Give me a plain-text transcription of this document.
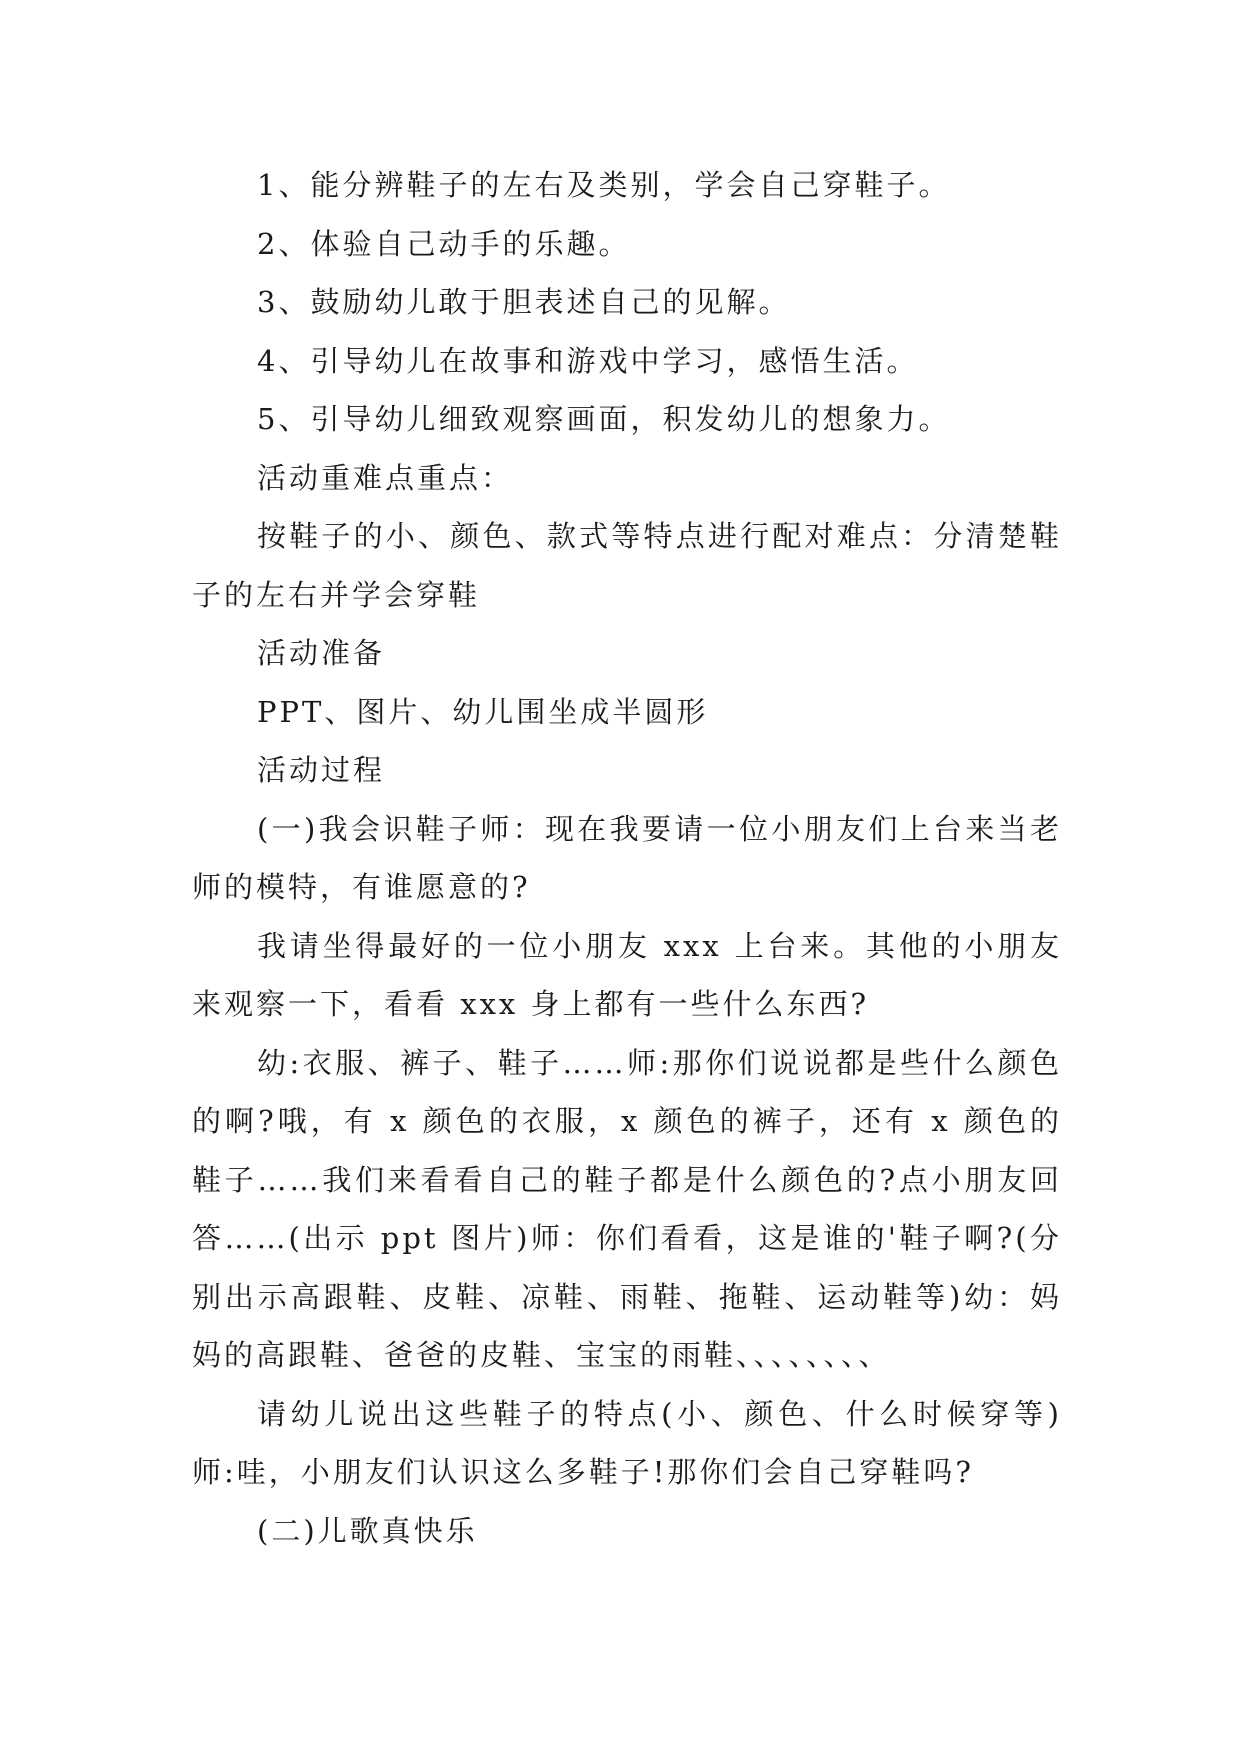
1、能分辨鞋子的左右及类别，学会自己穿鞋子。

2、体验自己动手的乐趣。

3、鼓励幼儿敢于胆表述自己的见解。

4、引导幼儿在故事和游戏中学习，感悟生活。

5、引导幼儿细致观察画面，积发幼儿的想象力。

活动重难点重点：

按鞋子的小、颜色、款式等特点进行配对难点：分清楚鞋子的左右并学会穿鞋

活动准备

PPT、图片、幼儿围坐成半圆形

活动过程

(一)我会识鞋子师：现在我要请一位小朋友们上台来当老师的模特，有谁愿意的?

我请坐得最好的一位小朋友 xxx 上台来。其他的小朋友来观察一下，看看 xxx 身上都有一些什么东西?

幼:衣服、裤子、鞋子……师:那你们说说都是些什么颜色的啊?哦，有 x 颜色的衣服，x 颜色的裤子，还有 x 颜色的鞋子……我们来看看自己的鞋子都是什么颜色的?点小朋友回答……(出示 ppt 图片)师：你们看看，这是谁的'鞋子啊?(分别出示高跟鞋、皮鞋、凉鞋、雨鞋、拖鞋、运动鞋等)幼：妈妈的高跟鞋、爸爸的皮鞋、宝宝的雨鞋、、、、、、、、

请幼儿说出这些鞋子的特点(小、颜色、什么时候穿等)师:哇，小朋友们认识这么多鞋子!那你们会自己穿鞋吗?

(二)儿歌真快乐
